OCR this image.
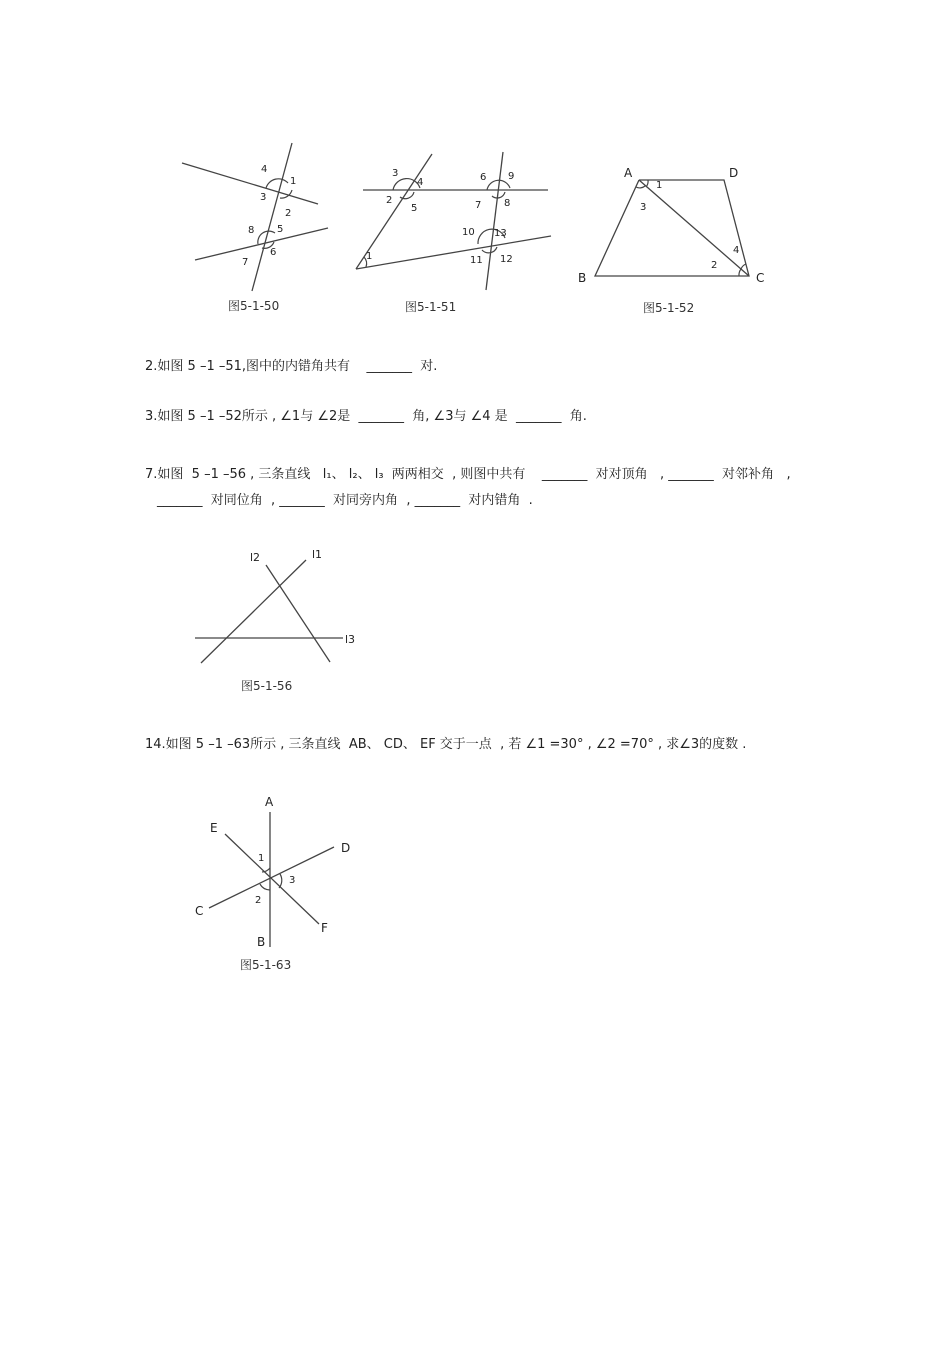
1
2
3
4
5
6
7
8
图5-1-50
1
2
3
4
5
6
7 8
9
10
11 12
13
图5-1-51
A
B	C
D
1
2
3
4
图5-1-52
2.如图 5 –1 –51,图中的内错角共有    _______  对.
3.如图 5 –1 –52所示 , ∠1与 ∠2是  _______  角, ∠3与 ∠4 是  _______  角.
7.如图  5 –1 –56 , 三条直线   l₁、 l₂、 l₃  两两相交  , 则图中共有    _______  对对顶角   , _______  对邻补角   ,
_______  对同位角  , _______  对同旁内角  , _______  对内错角  .
l2	l1
l3
图5-1-56
14.如图 5 –1 –63所示 , 三条直线  AB、 CD、 EF 交于一点  , 若 ∠1 =30° , ∠2 =70° , 求∠3的度数 .
A
B
C
D
E
F
1
2
3
图5-1-63
